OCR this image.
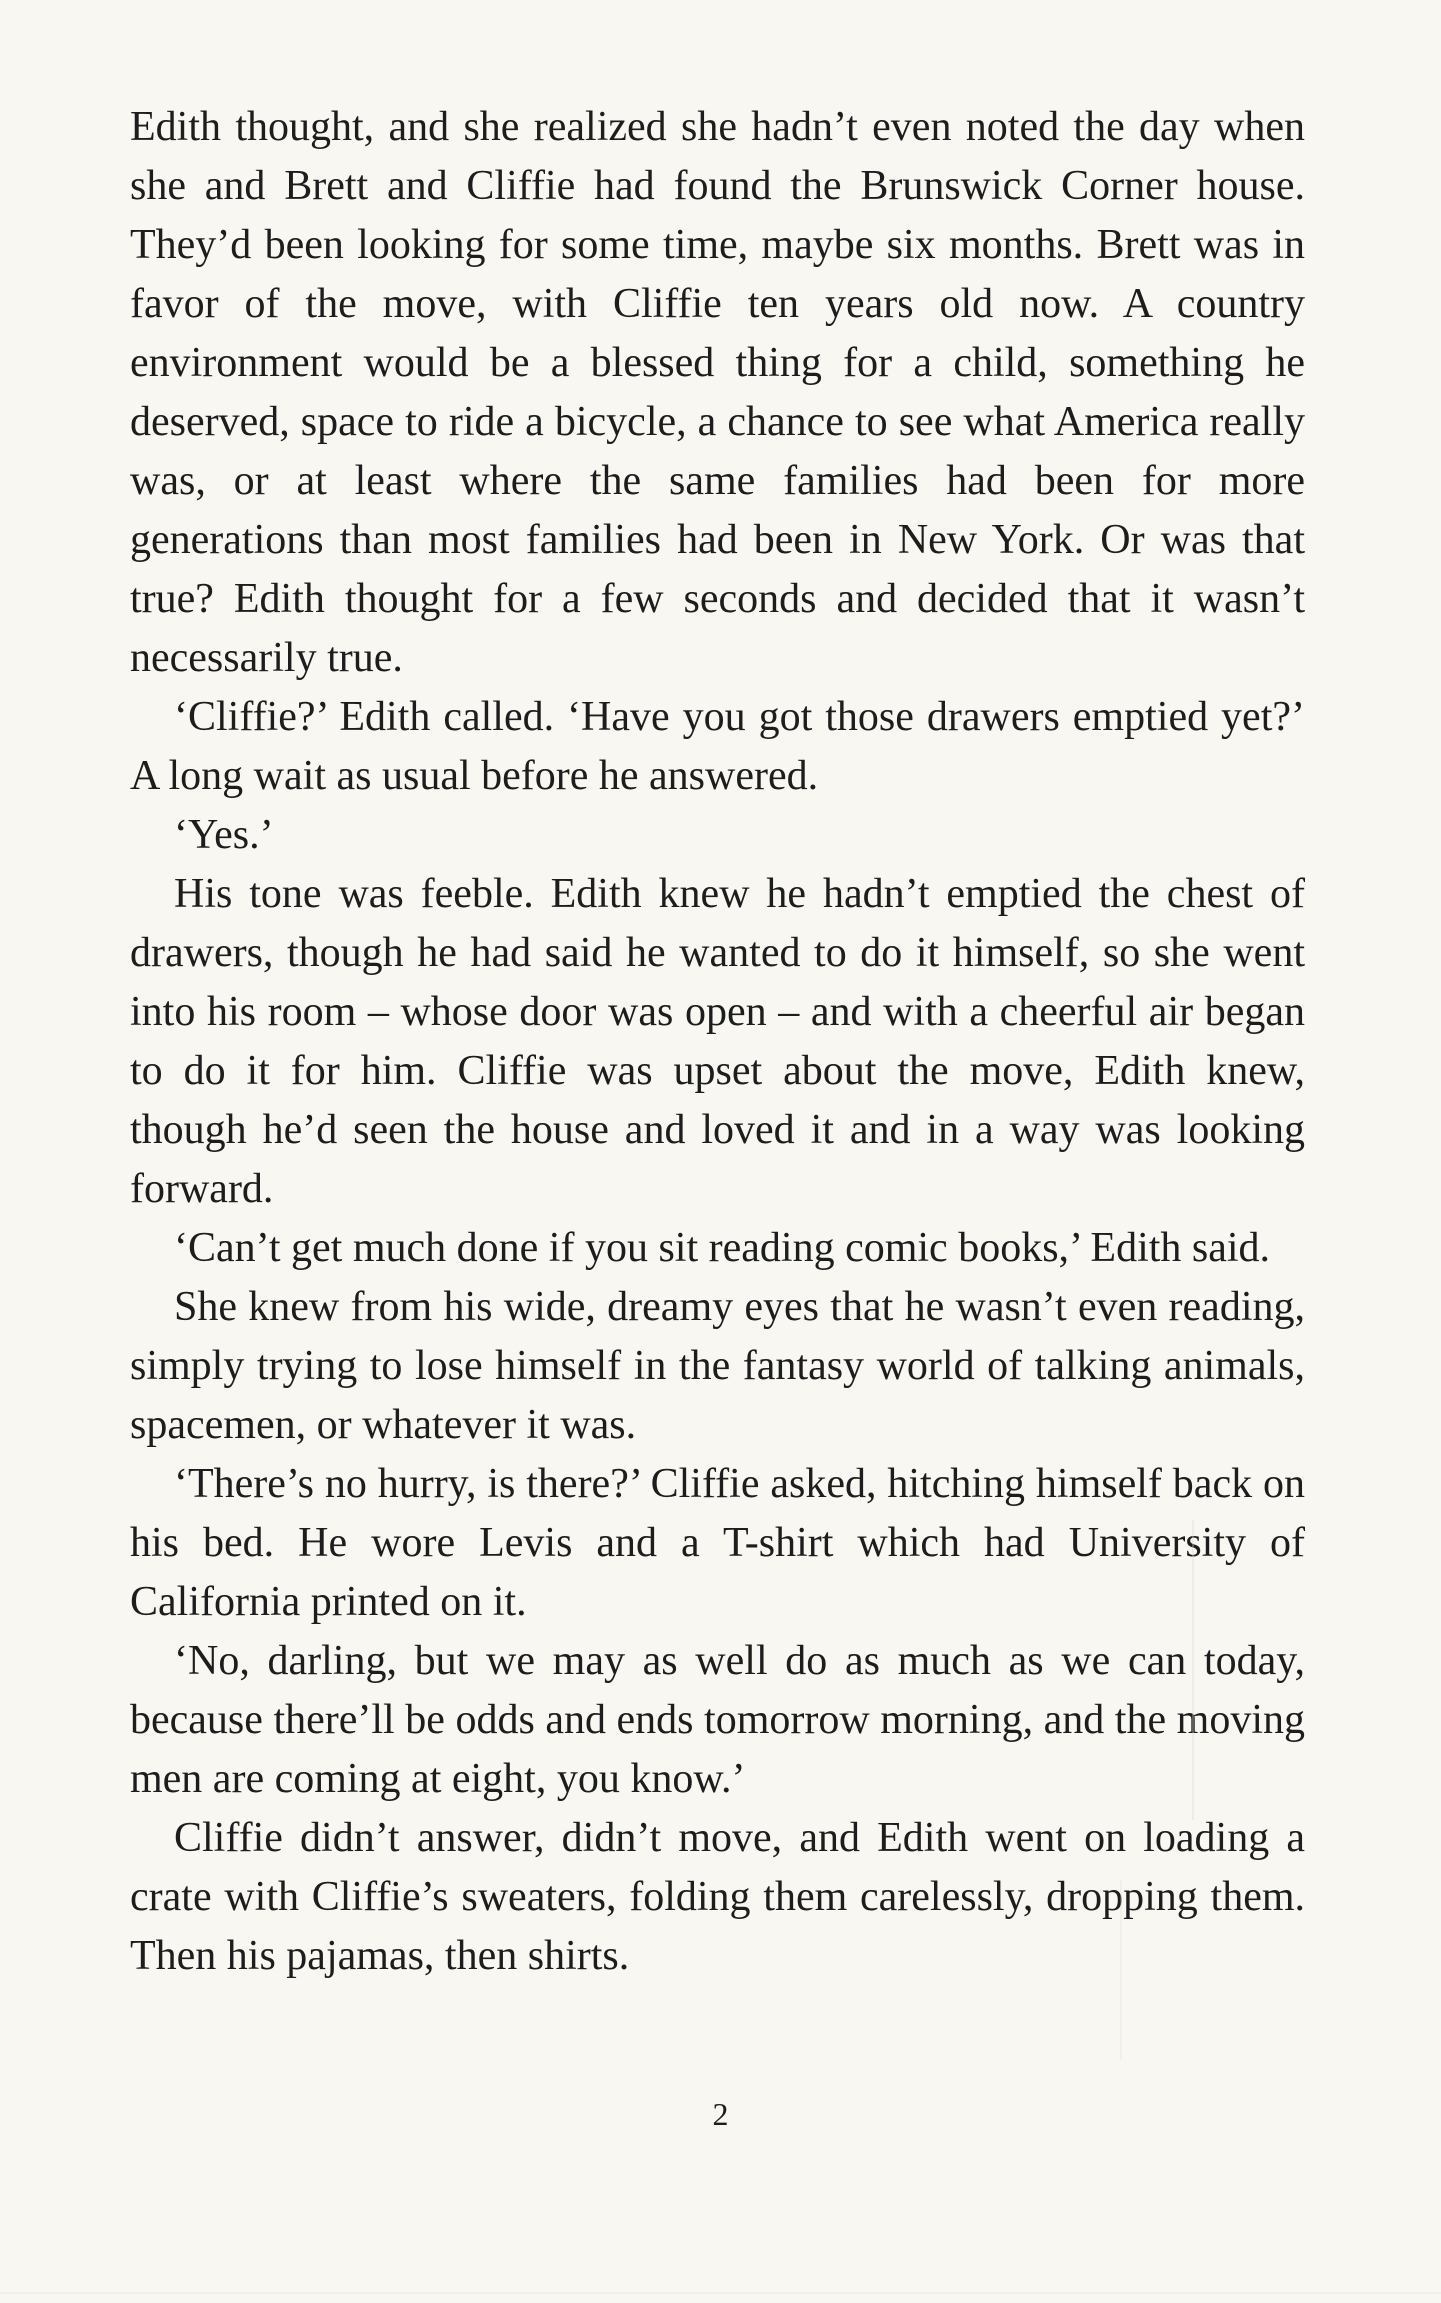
Edith thought, and she realized she hadn’t even noted the day when she and Brett and Cliffie had found the Brunswick Corner house. They’d been looking for some time, maybe six months. Brett was in favor of the move, with Cliffie ten years old now. A country environment would be a blessed thing for a child, something he deserved, space to ride a bicycle, a chance to see what America really was, or at least where the same families had been for more generations than most families had been in New York. Or was that true? Edith thought for a few seconds and decided that it wasn’t necessarily true.

‘Cliffie?’ Edith called. ‘Have you got those drawers emptied yet?’ A long wait as usual before he answered.

‘Yes.’

His tone was feeble. Edith knew he hadn’t emptied the chest of drawers, though he had said he wanted to do it himself, so she went into his room – whose door was open – and with a cheerful air began to do it for him. Cliffie was upset about the move, Edith knew, though he’d seen the house and loved it and in a way was looking forward.

‘Can’t get much done if you sit reading comic books,’ Edith said.

She knew from his wide, dreamy eyes that he wasn’t even reading, simply trying to lose himself in the fantasy world of talking animals, spacemen, or whatever it was.

‘There’s no hurry, is there?’ Cliffie asked, hitching himself back on his bed. He wore Levis and a T-shirt which had University of California printed on it.

‘No, darling, but we may as well do as much as we can today, because there’ll be odds and ends tomorrow morning, and the moving men are coming at eight, you know.’

Cliffie didn’t answer, didn’t move, and Edith went on loading a crate with Cliffie’s sweaters, folding them carelessly, dropping them. Then his pajamas, then shirts.

2
